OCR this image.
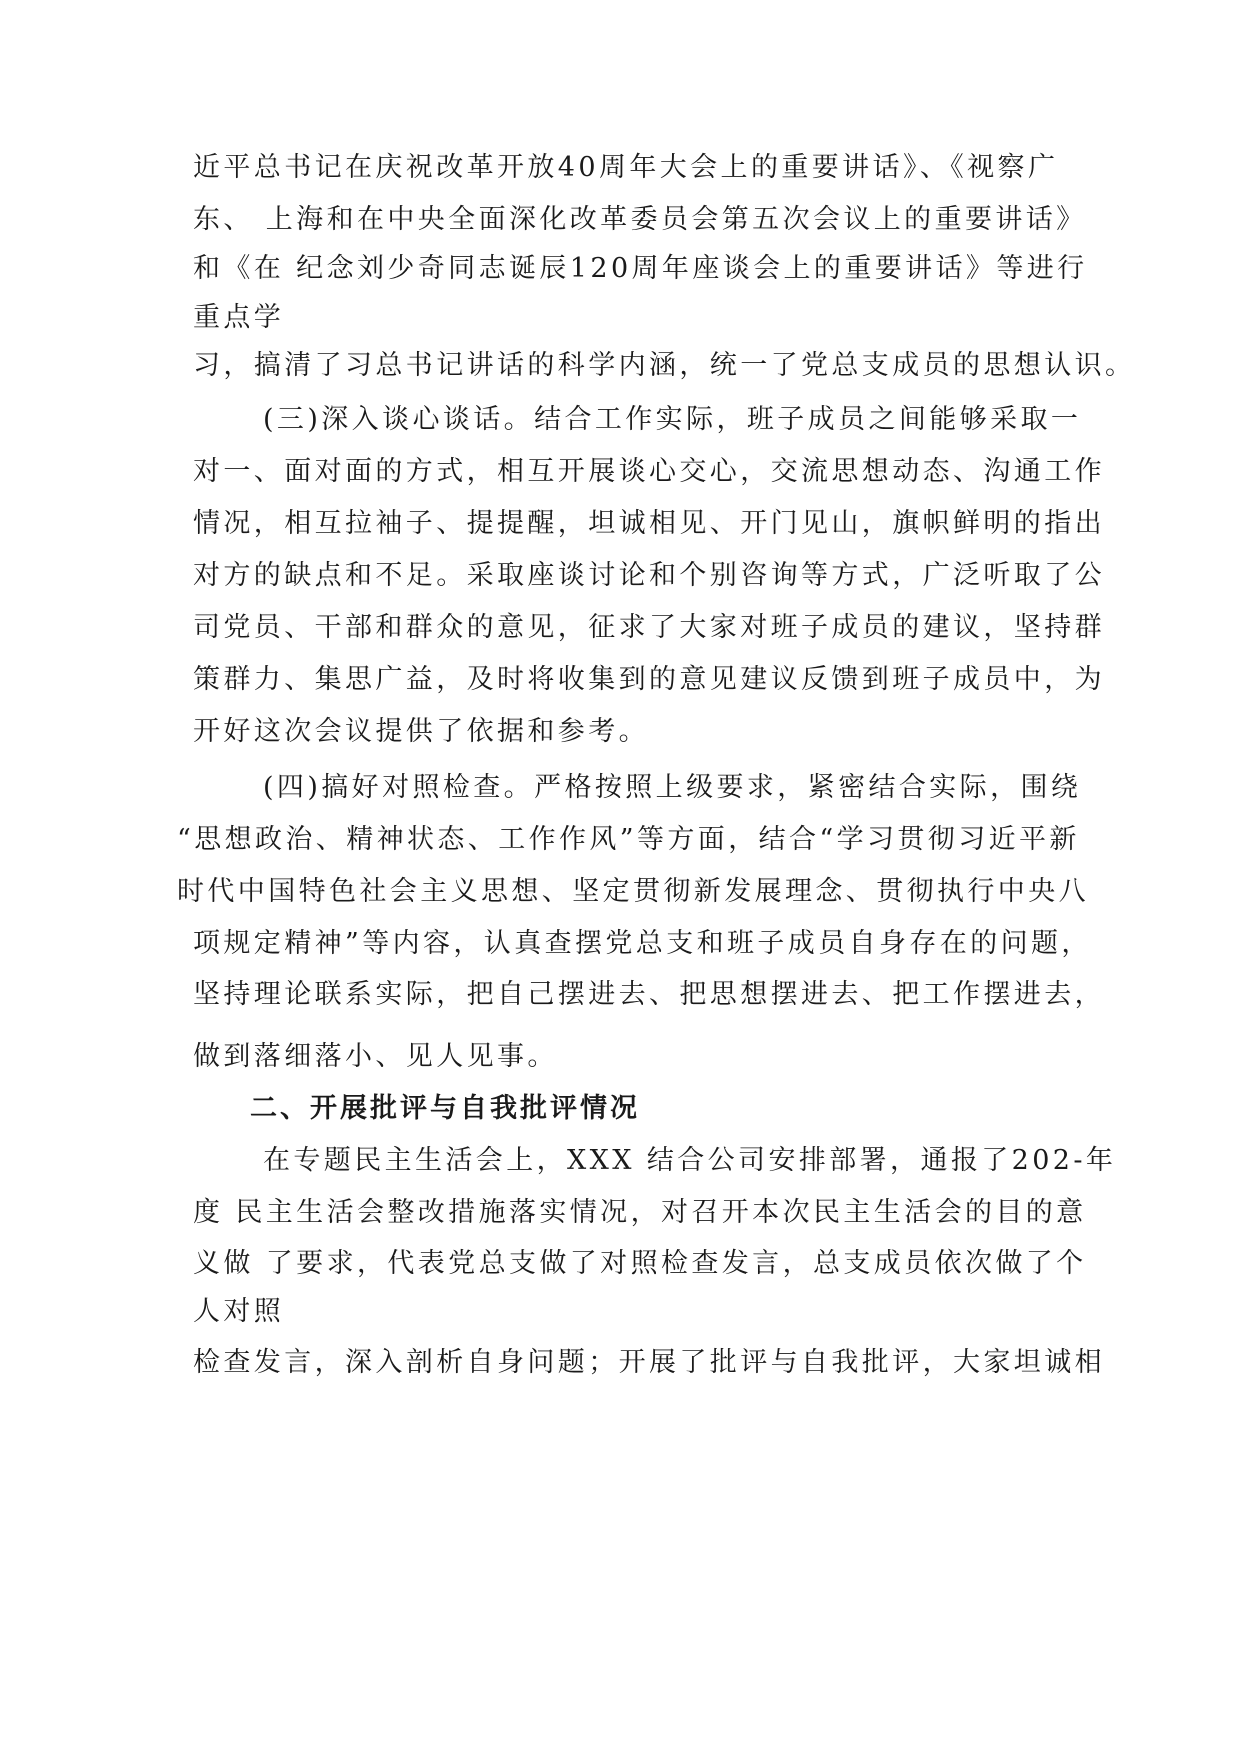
近平总书记在庆祝改革开放40周年大会上的重要讲话》、《视察广
东、 上海和在中央全面深化改革委员会第五次会议上的重要讲话》
和《在 纪念刘少奇同志诞辰120周年座谈会上的重要讲话》等进行
重点学
习，搞清了习总书记讲话的科学内涵，统一了党总支成员的思想认识。
(三)深入谈心谈话。结合工作实际，班子成员之间能够采取一
对一、面对面的方式，相互开展谈心交心，交流思想动态、沟通工作
情况，相互拉袖子、提提醒，坦诚相见、开门见山，旗帜鲜明的指出
对方的缺点和不足。采取座谈讨论和个别咨询等方式，广泛听取了公
司党员、干部和群众的意见，征求了大家对班子成员的建议，坚持群
策群力、集思广益，及时将收集到的意见建议反馈到班子成员中，为
开好这次会议提供了依据和参考。
(四)搞好对照检查。严格按照上级要求，紧密结合实际，围绕
“思想政治、精神状态、工作作风”等方面，结合“学习贯彻习近平新
时代中国特色社会主义思想、坚定贯彻新发展理念、贯彻执行中央八
项规定精神”等内容，认真查摆党总支和班子成员自身存在的问题，
坚持理论联系实际，把自己摆进去、把思想摆进去、把工作摆进去，
做到落细落小、见人见事。
二、开展批评与自我批评情况
在专题民主生活会上，XXX 结合公司安排部署，通报了202-年
度 民主生活会整改措施落实情况，对召开本次民主生活会的目的意
义做 了要求，代表党总支做了对照检查发言，总支成员依次做了个
人对照
检查发言，深入剖析自身问题；开展了批评与自我批评，大家坦诚相
